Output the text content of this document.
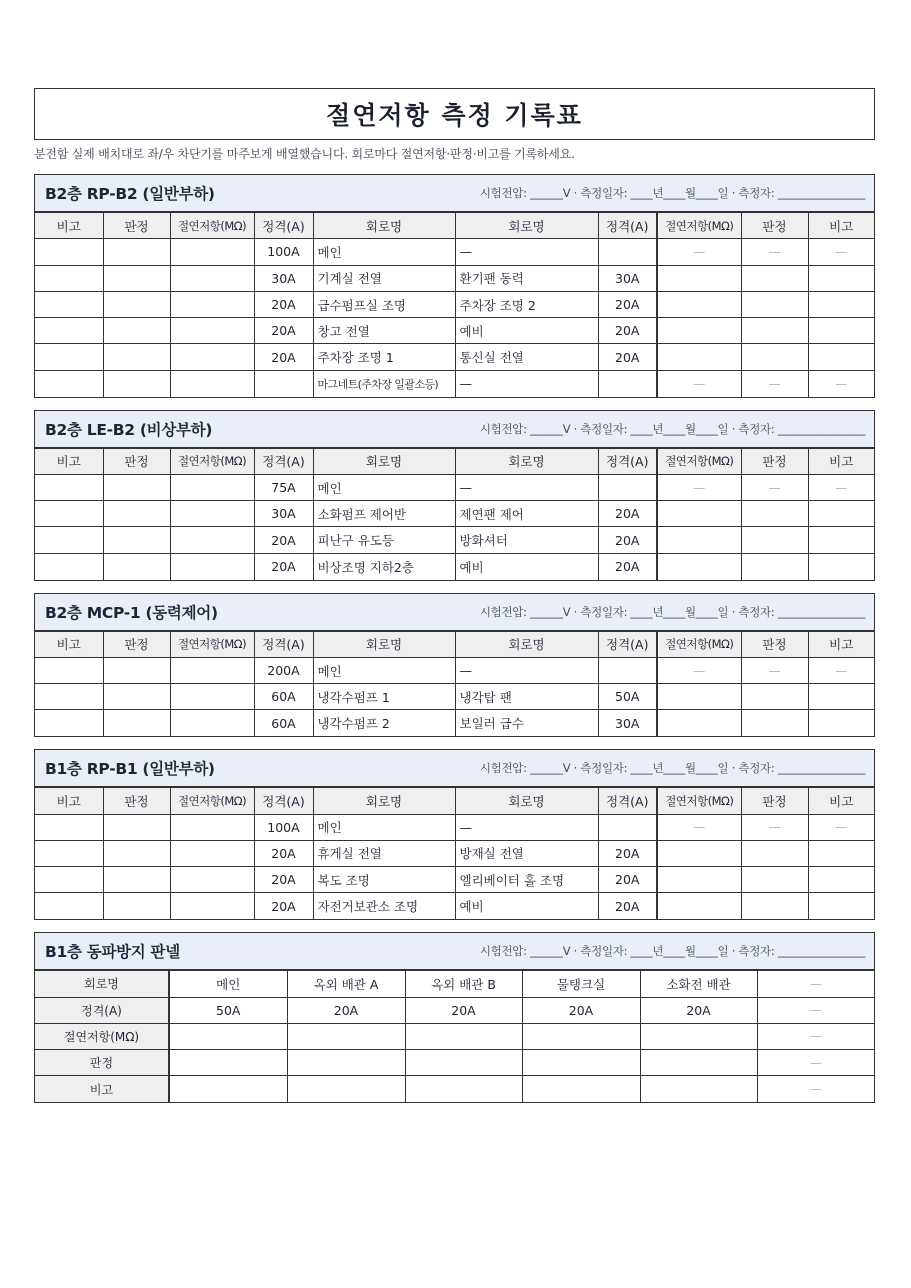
절연저항 측정 기록표
분전함 실제 배치대로 좌/우 차단기를 마주보게 배열했습니다. 회로마다 절연저항·판정·비고를 기록하세요.
B2층 RP-B2 (일반부하)	시험전압: ______V · 측정일자: ____년____월____일 · 측정자: ________________
비고	판정	절연저항(MΩ)	정격(A)	회로명	회로명	정격(A)	절연저항(MΩ)	판정	비고
			100A	메인	—		—	—	—
			30A	기계실 전열	환기팬 동력	30A			
			20A	급수펌프실 조명	주차장 조명 2	20A			
			20A	창고 전열	예비	20A			
			20A	주차장 조명 1	통신실 전열	20A			
				마그네트(주차장 일괄소등)	—		—	—	—
B2층 LE-B2 (비상부하)	시험전압: ______V · 측정일자: ____년____월____일 · 측정자: ________________
비고	판정	절연저항(MΩ)	정격(A)	회로명	회로명	정격(A)	절연저항(MΩ)	판정	비고
			75A	메인	—		—	—	—
			30A	소화펌프 제어반	제연팬 제어	20A			
			20A	피난구 유도등	방화셔터	20A			
			20A	비상조명 지하2층	예비	20A			
B2층 MCP-1 (동력제어)	시험전압: ______V · 측정일자: ____년____월____일 · 측정자: ________________
비고	판정	절연저항(MΩ)	정격(A)	회로명	회로명	정격(A)	절연저항(MΩ)	판정	비고
			200A	메인	—		—	—	—
			60A	냉각수펌프 1	냉각탑 팬	50A			
			60A	냉각수펌프 2	보일러 급수	30A			
B1층 RP-B1 (일반부하)	시험전압: ______V · 측정일자: ____년____월____일 · 측정자: ________________
비고	판정	절연저항(MΩ)	정격(A)	회로명	회로명	정격(A)	절연저항(MΩ)	판정	비고
			100A	메인	—		—	—	—
			20A	휴게실 전열	방재실 전열	20A			
			20A	복도 조명	엘리베이터 홀 조명	20A			
			20A	자전거보관소 조명	예비	20A			
B1층 동파방지 판넬	시험전압: ______V · 측정일자: ____년____월____일 · 측정자: ________________
회로명	메인	옥외 배관 A	옥외 배관 B	물탱크실	소화전 배관	—
정격(A)	50A	20A	20A	20A	20A	—
절연저항(MΩ)						—
판정						—
비고						—
